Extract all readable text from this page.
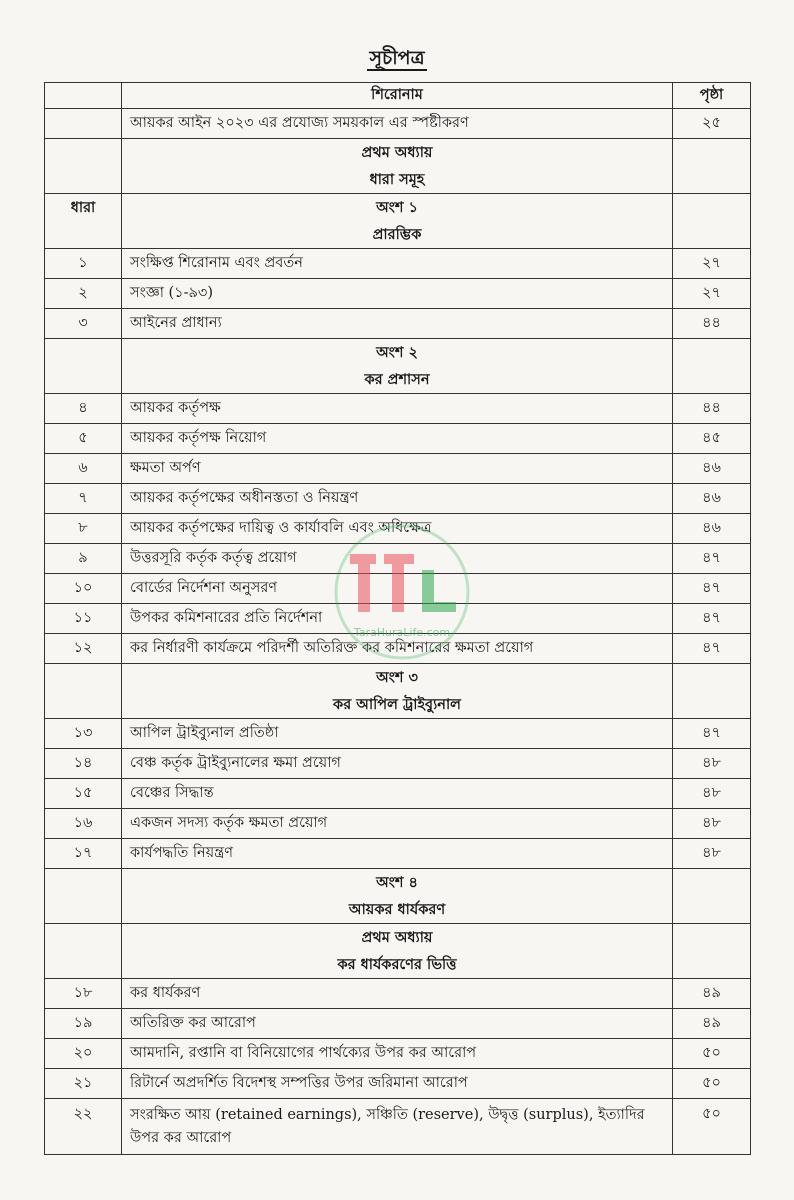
সূচীপত্র
	শিরোনাম	পৃষ্ঠা
	আয়কর আইন ২০২৩ এর প্রযোজ্য সময়কাল এর স্পষ্টীকরণ	২৫

	প্রথম অধ্যায়
ধারা সমূহ	

ধারা	অংশ ১
প্রারম্ভিক	

১	সংক্ষিপ্ত শিরোনাম এবং প্রবর্তন	২৭
২	সংজ্ঞা (১-৯৩)	২৭
৩	আইনের প্রাধান্য	৪৪

	অংশ ২
কর প্রশাসন	

৪	আয়কর কর্তৃপক্ষ	৪৪
৫	আয়কর কর্তৃপক্ষ নিয়োগ	৪৫
৬	ক্ষমতা অর্পণ	৪৬
৭	আয়কর কর্তৃপক্ষের অধীনস্ততা ও নিয়ন্ত্রণ	৪৬
৮	আয়কর কর্তৃপক্ষের দায়িত্ব ও কার্যাবলি এবং অধিক্ষেত্র	৪৬
৯	উত্তরসূরি কর্তৃক কর্তৃত্ব প্রয়োগ	৪৭
১০	বোর্ডের নির্দেশনা অনুসরণ	৪৭
১১	উপকর কমিশনারের প্রতি নির্দেশনা	৪৭
১২	কর নির্ধারণী কার্যক্রমে পরিদর্শী অতিরিক্ত কর কমিশনারের ক্ষমতা প্রয়োগ	৪৭

	অংশ ৩
কর আপিল ট্রাইব্যুনাল	

১৩	আপিল ট্রাইব্যুনাল প্রতিষ্ঠা	৪৭
১৪	বেঞ্চ কর্তৃক ট্রাইব্যুনালের ক্ষমা প্রয়োগ	৪৮
১৫	বেঞ্চের সিদ্ধান্ত	৪৮
১৬	একজন সদস্য কর্তৃক ক্ষমতা প্রয়োগ	৪৮
১৭	কার্যপদ্ধতি নিয়ন্ত্রণ	৪৮

	অংশ ৪
আয়কর ধার্যকরণ	

	প্রথম অধ্যায়
কর ধার্যকরণের ভিত্তি	

১৮	কর ধার্যকরণ	৪৯
১৯	অতিরিক্ত কর আরোপ	৪৯
২০	আমদানি, রপ্তানি বা বিনিয়োগের পার্থক্যের উপর কর আরোপ	৫০
২১	রিটার্নে অপ্রদর্শিত বিদেশস্থ সম্পত্তির উপর জরিমানা আরোপ	৫০
২২	সংরক্ষিত আয় (retained earnings), সঞ্চিতি (reserve), উদ্বৃত্ত (surplus), ইত্যাদির উপর কর আরোপ	৫০
TaraHuraLife.com
